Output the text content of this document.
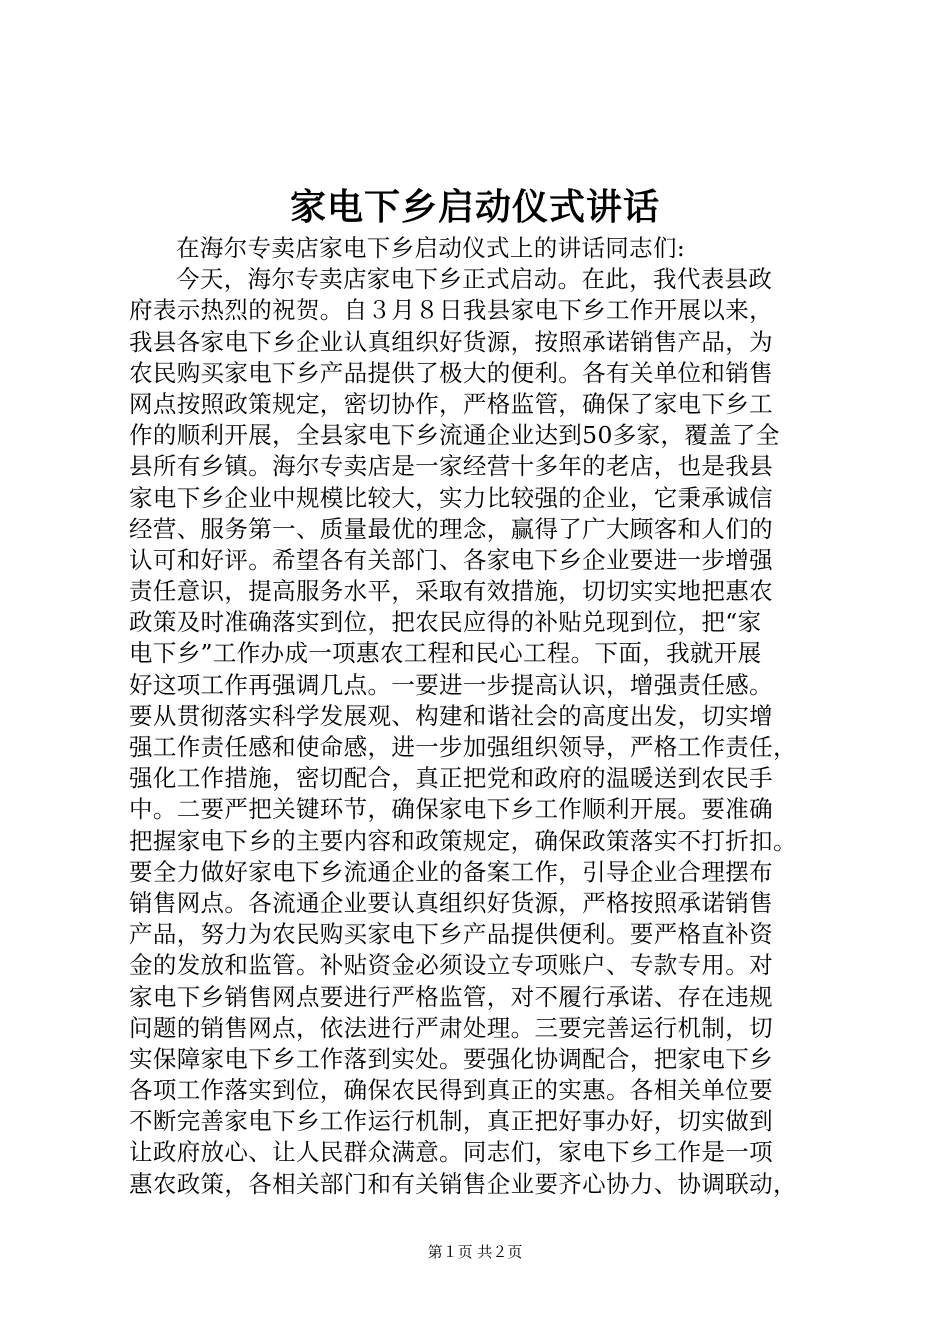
家电下乡启动仪式讲话
在海尔专卖店家电下乡启动仪式上的讲话同志们:
今天，海尔专卖店家电下乡正式启动。在此，我代表县政
府表示热烈的祝贺。自３月８日我县家电下乡工作开展以来，
我县各家电下乡企业认真组织好货源，按照承诺销售产品，为
农民购买家电下乡产品提供了极大的便利。各有关单位和销售
网点按照政策规定，密切协作，严格监管，确保了家电下乡工
作的顺利开展，全县家电下乡流通企业达到50多家，覆盖了全
县所有乡镇。海尔专卖店是一家经营十多年的老店，也是我县
家电下乡企业中规模比较大，实力比较强的企业，它秉承诚信
经营、服务第一、质量最优的理念，赢得了广大顾客和人们的
认可和好评。希望各有关部门、各家电下乡企业要进一步增强
责任意识，提高服务水平，采取有效措施，切切实实地把惠农
政策及时准确落实到位，把农民应得的补贴兑现到位，把“家
电下乡”工作办成一项惠农工程和民心工程。下面，我就开展
好这项工作再强调几点。一要进一步提高认识，增强责任感。
要从贯彻落实科学发展观、构建和谐社会的高度出发，切实增
强工作责任感和使命感，进一步加强组织领导，严格工作责任，
强化工作措施，密切配合，真正把党和政府的温暖送到农民手
中。二要严把关键环节，确保家电下乡工作顺利开展。要准确
把握家电下乡的主要内容和政策规定，确保政策落实不打折扣。
要全力做好家电下乡流通企业的备案工作，引导企业合理摆布
销售网点。各流通企业要认真组织好货源，严格按照承诺销售
产品，努力为农民购买家电下乡产品提供便利。要严格直补资
金的发放和监管。补贴资金必须设立专项账户、专款专用。对
家电下乡销售网点要进行严格监管，对不履行承诺、存在违规
问题的销售网点，依法进行严肃处理。三要完善运行机制，切
实保障家电下乡工作落到实处。要强化协调配合，把家电下乡
各项工作落实到位，确保农民得到真正的实惠。各相关单位要
不断完善家电下乡工作运行机制，真正把好事办好，切实做到
让政府放心、让人民群众满意。同志们，家电下乡工作是一项
惠农政策，各相关部门和有关销售企业要齐心协力、协调联动，
第１页 共２页
